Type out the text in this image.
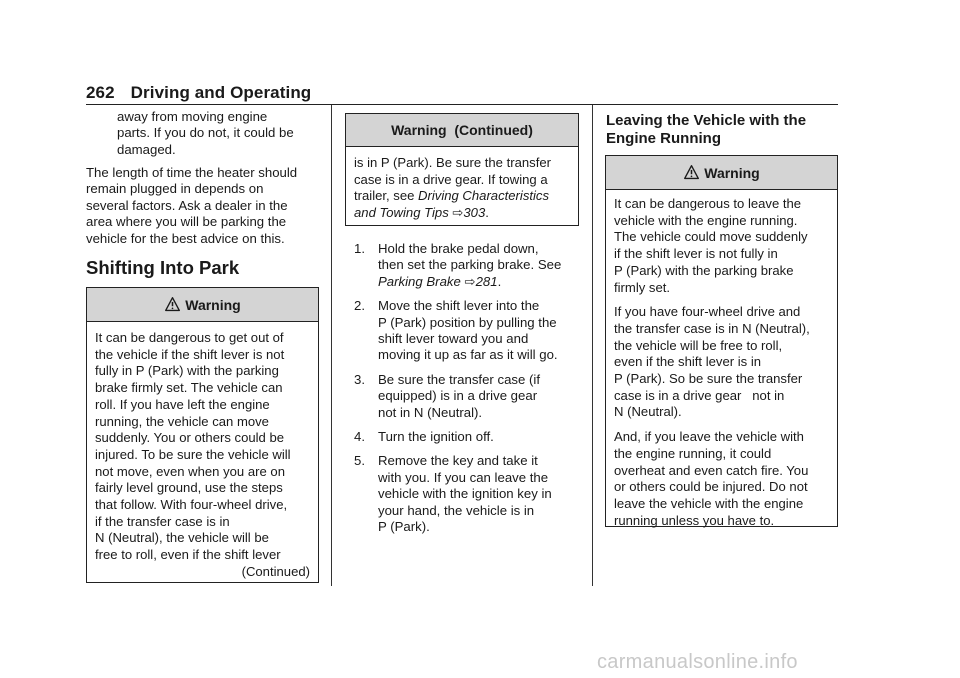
262 Driving and Operating

away from moving engine

parts. If you do not, it could be

damaged.

The length of time the heater should

remain plugged in depends on

several factors. Ask a dealer in the

area where you will be parking the

vehicle for the best advice on this.

Shifting Into Park
Warning

It can be dangerous to get out of

the vehicle if the shift lever is not

fully in P (Park) with the parking

brake firmly set. The vehicle can

roll. If you have left the engine

running, the vehicle can move

suddenly. You or others could be

injured. To be sure the vehicle will

not move, even when you are on

fairly level ground, use the steps

that follow. With four-wheel drive,

if the transfer case is in

N (Neutral), the vehicle will be

free to roll, even if the shift lever

(Continued)

Warning  (Continued)

is in P (Park). Be sure the transfer

case is in a drive gear. If towing a

trailer, see Driving Characteristics

and Towing Tips ⇨303.

1. Hold the brake pedal down,
then set the parking brake. See
Parking Brake ⇨281.
2. Move the shift lever into the
P (Park) position by pulling the
shift lever toward you and
moving it up as far as it will go.
3. Be sure the transfer case (if
equipped) is in a drive gear
not in N (Neutral).
4. Turn the ignition off.
5. Remove the key and take it
with you. If you can leave the
vehicle with the ignition key in
your hand, the vehicle is in
P (Park).
Leaving the Vehicle with the
Engine Running
Warning

It can be dangerous to leave the
vehicle with the engine running.
The vehicle could move suddenly
if the shift lever is not fully in
P (Park) with the parking brake
firmly set.

If you have four-wheel drive and
the transfer case is in N (Neutral),
the vehicle will be free to roll,
even if the shift lever is in
P (Park). So be sure the transfer
case is in a drive gear   not in
N (Neutral).

And, if you leave the vehicle with
the engine running, it could
overheat and even catch fire. You
or others could be injured. Do not
leave the vehicle with the engine
running unless you have to.

carmanualsonline.info
